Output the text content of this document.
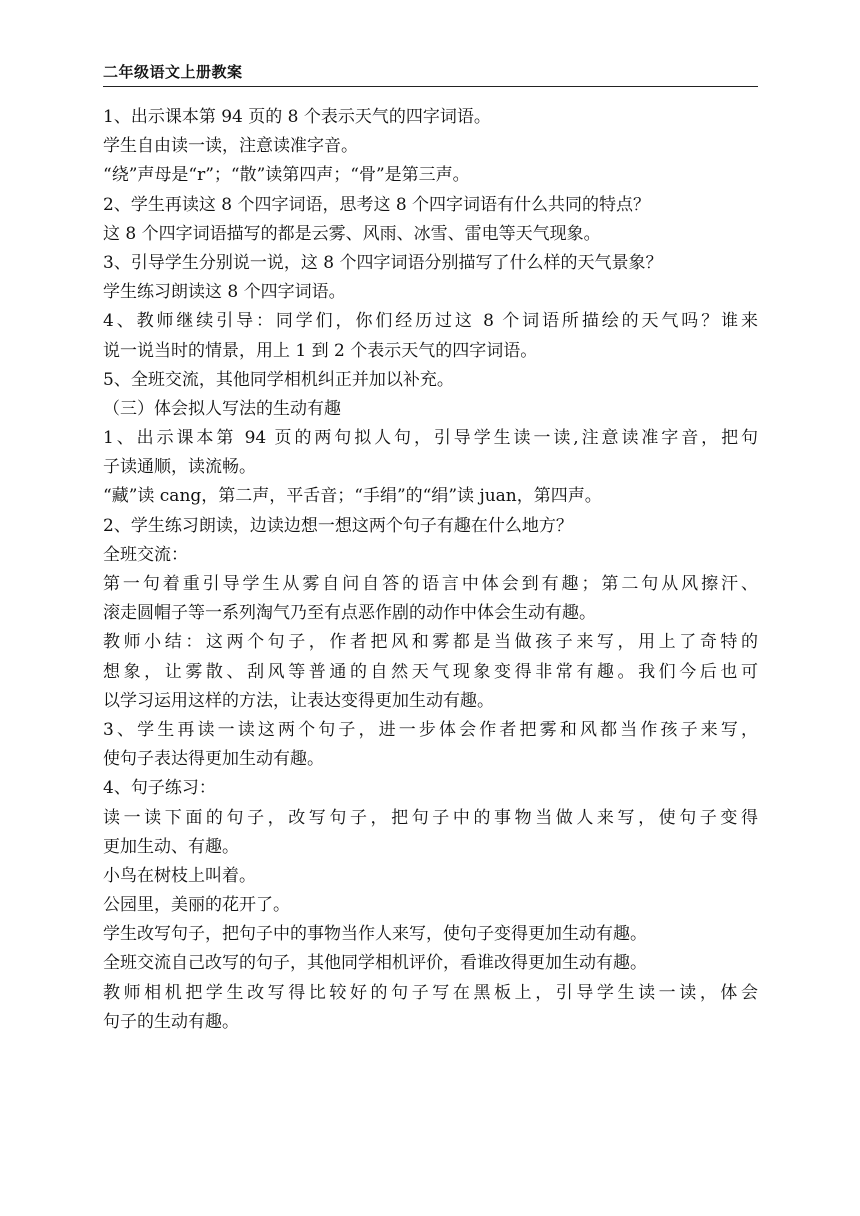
二年级语文上册教案
1、出示课本第 94 页的 8 个表示天气的四字词语。
学生自由读一读，注意读准字音。
“绕”声母是“r”；“散”读第四声；“骨”是第三声。
2、学生再读这 8 个四字词语，思考这 8 个四字词语有什么共同的特点？
这 8 个四字词语描写的都是云雾、风雨、冰雪、雷电等天气现象。
3、引导学生分别说一说，这 8 个四字词语分别描写了什么样的天气景象？
学生练习朗读这 8 个四字词语。
4、教师继续引导：同学们，你们经历过这 8 个词语所描绘的天气吗？谁来
说一说当时的情景，用上 1 到 2 个表示天气的四字词语。
5、全班交流，其他同学相机纠正并加以补充。
（三）体会拟人写法的生动有趣
1、出示课本第 94 页的两句拟人句，引导学生读一读,注意读准字音，把句
子读通顺，读流畅。
“藏”读 cang，第二声，平舌音；“手绢”的“绢”读 juan，第四声。
2、学生练习朗读，边读边想一想这两个句子有趣在什么地方？
全班交流：
第一句着重引导学生从雾自问自答的语言中体会到有趣；第二句从风擦汗、
滚走圆帽子等一系列淘气乃至有点恶作剧的动作中体会生动有趣。
教师小结：这两个句子，作者把风和雾都是当做孩子来写，用上了奇特的
想象，让雾散、刮风等普通的自然天气现象变得非常有趣。我们今后也可
以学习运用这样的方法，让表达变得更加生动有趣。
3、学生再读一读这两个句子，进一步体会作者把雾和风都当作孩子来写，
使句子表达得更加生动有趣。
4、句子练习：
读一读下面的句子，改写句子，把句子中的事物当做人来写，使句子变得
更加生动、有趣。
小鸟在树枝上叫着。
公园里，美丽的花开了。
学生改写句子，把句子中的事物当作人来写，使句子变得更加生动有趣。
全班交流自己改写的句子，其他同学相机评价，看谁改得更加生动有趣。
教师相机把学生改写得比较好的句子写在黑板上，引导学生读一读，体会
句子的生动有趣。
